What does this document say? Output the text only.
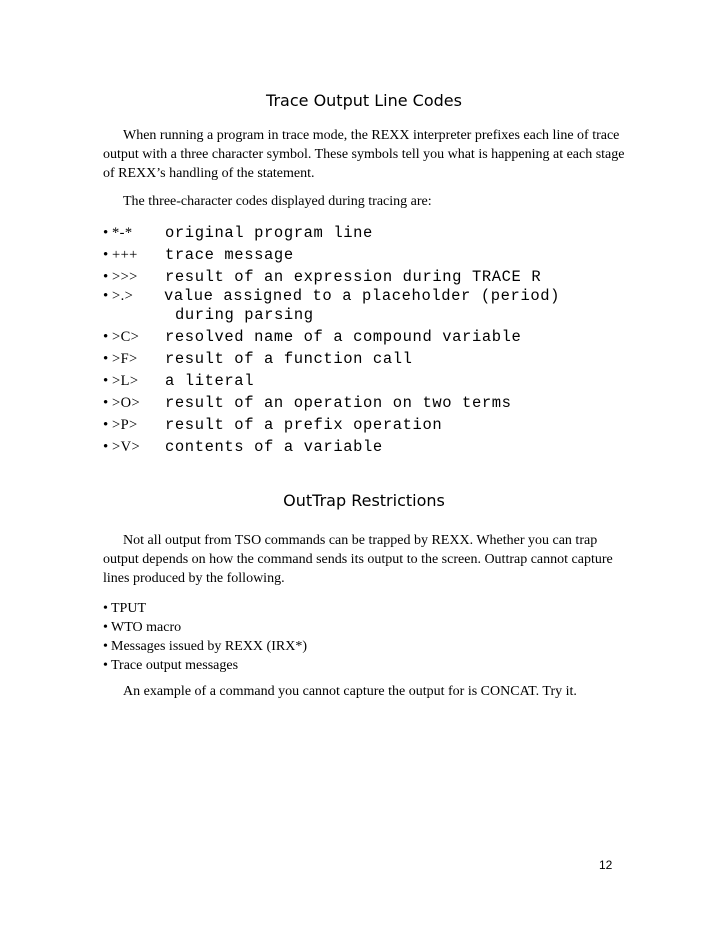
Trace Output Line Codes

When running a program in trace mode, the REXX interpreter prefixes each line of trace output with a three character symbol. These symbols tell you what is happening at each stage of REXX’s handling of the statement.

The three-character codes displayed during tracing are:

• *-* original program line
• +++ trace message
• >>> result of an expression during TRACE R
• >.> value assigned to a placeholder (period)
during parsing
• >C> resolved name of a compound variable
• >F> result of a function call
• >L> a literal
• >O> result of an operation on two terms
• >P> result of a prefix operation
• >V> contents of a variable
OutTrap Restrictions

Not all output from TSO commands can be trapped by REXX. Whether you can trap output depends on how the command sends its output to the screen. Outtrap cannot capture lines produced by the following.

• TPUT
• WTO macro
• Messages issued by REXX (IRX*)
• Trace output messages

An example of a command you cannot capture the output for is CONCAT. Try it.

12
